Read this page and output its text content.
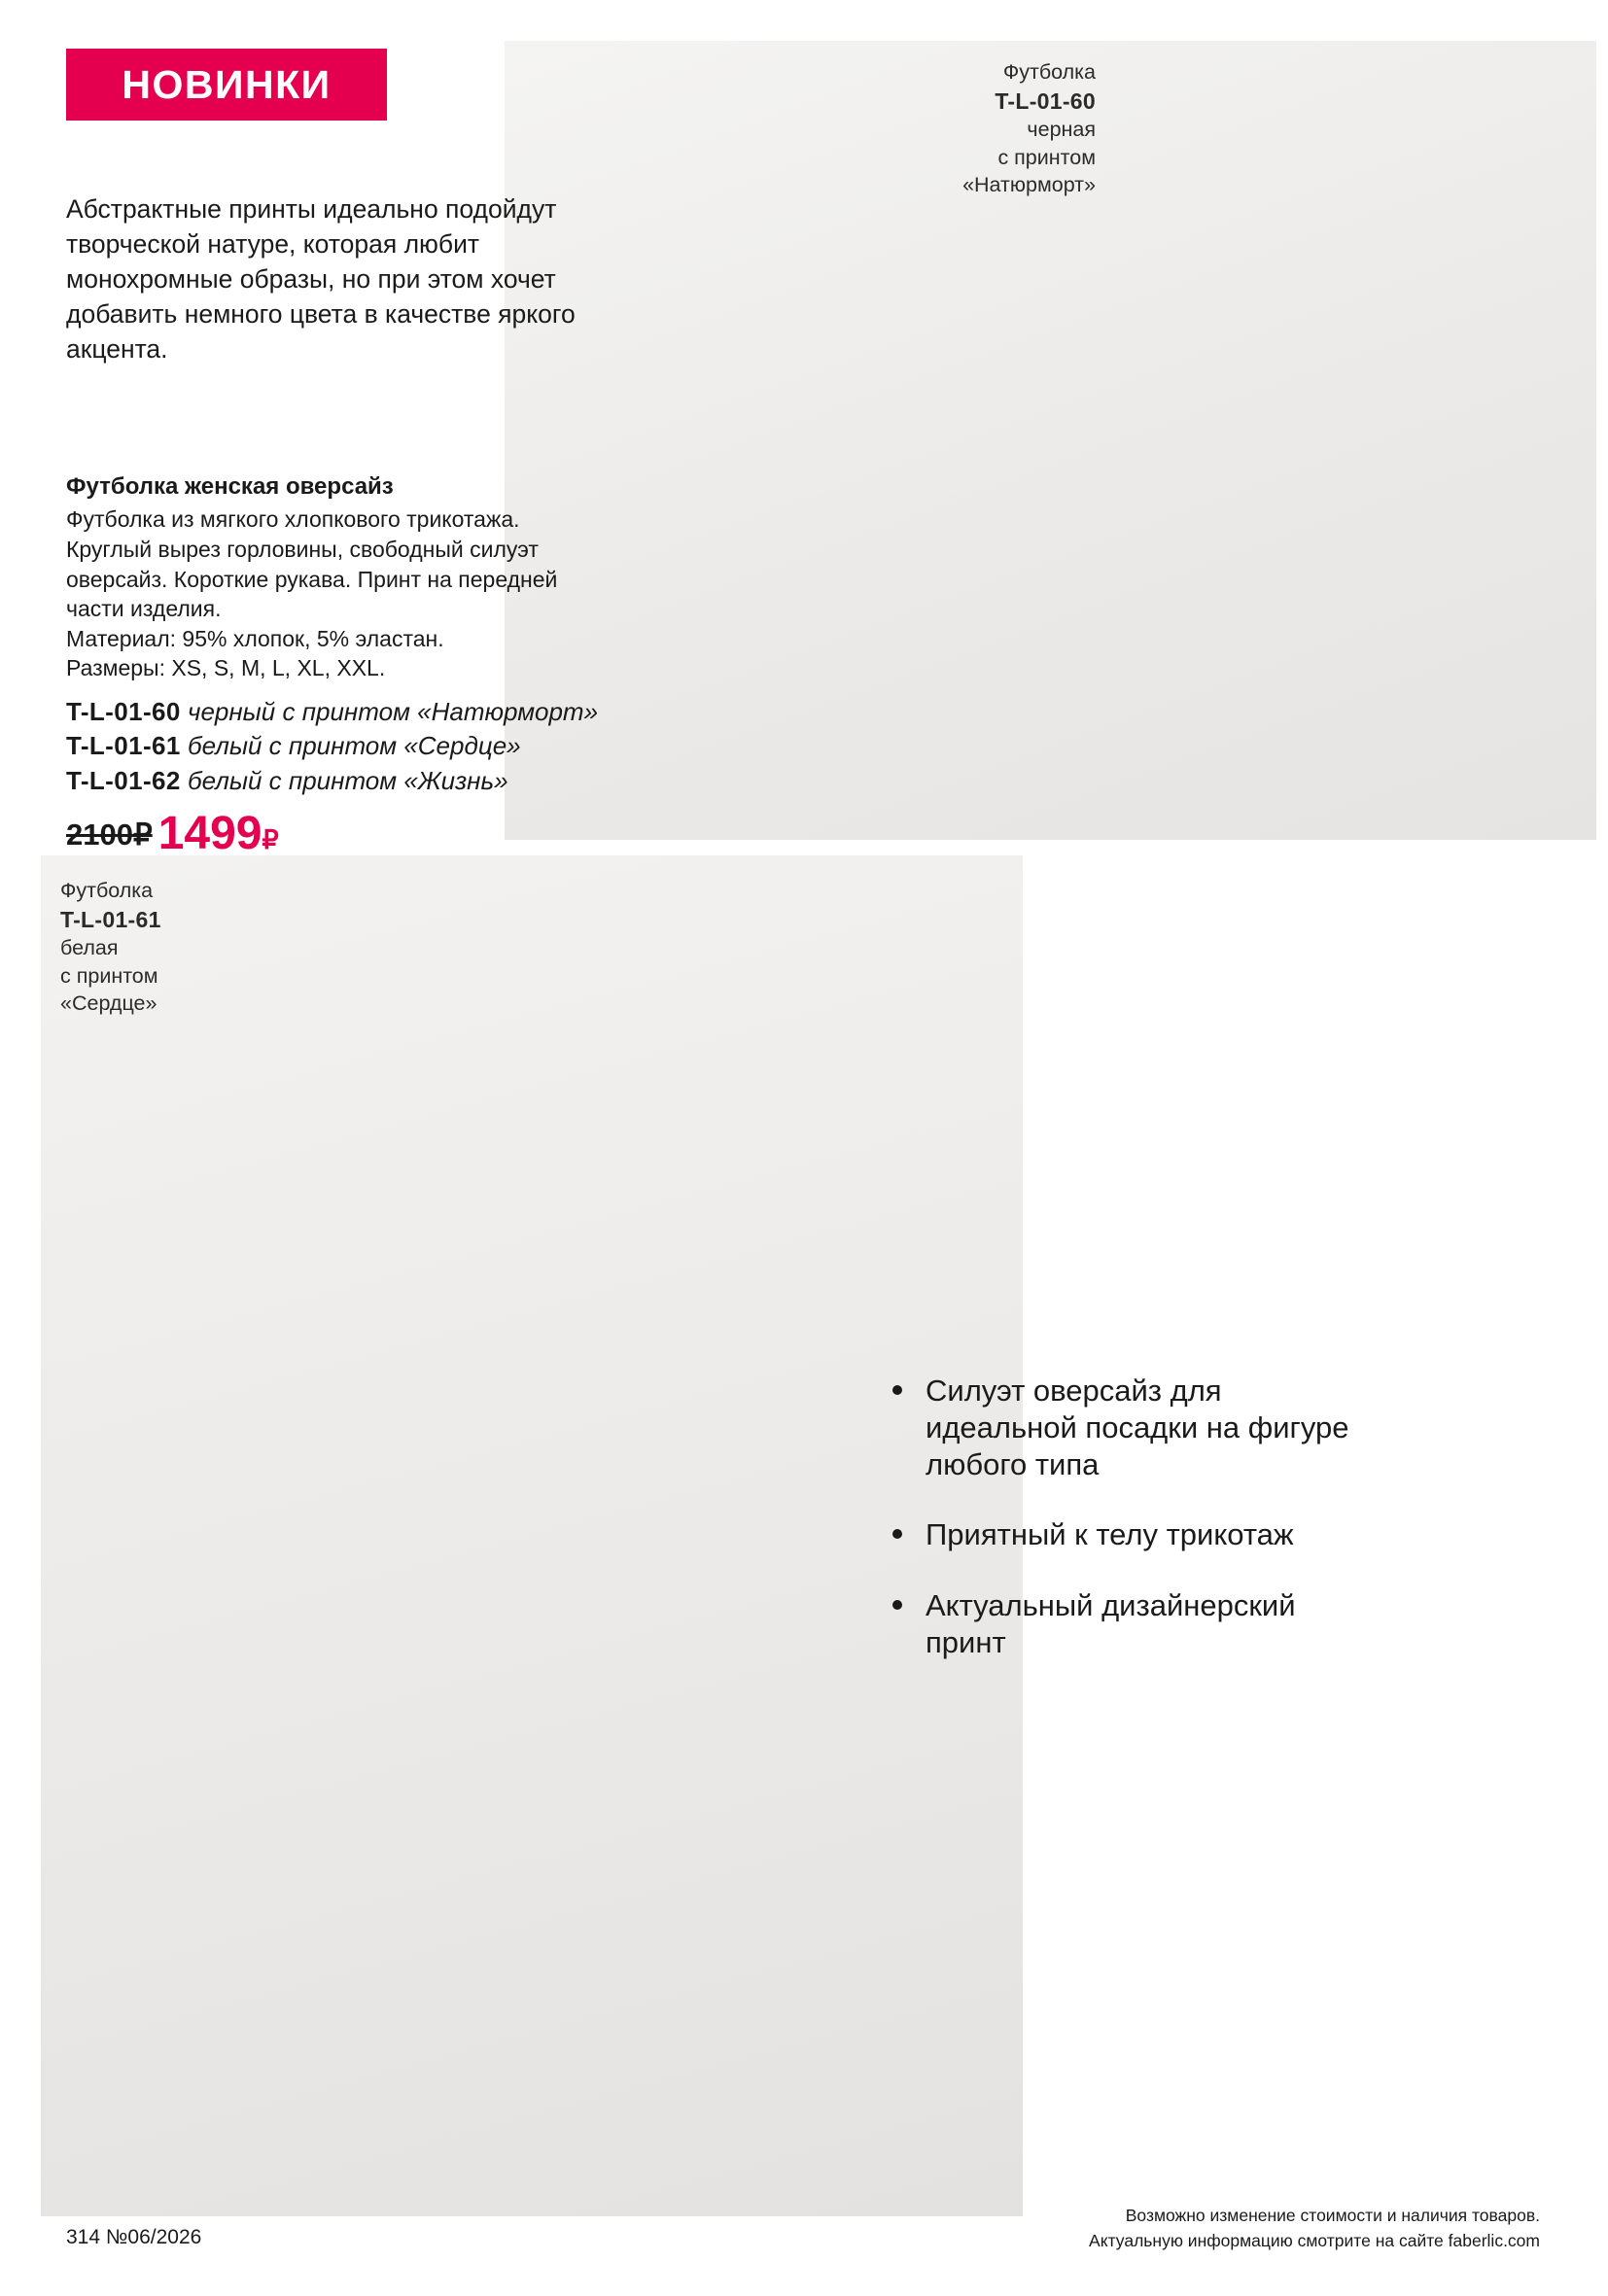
Футболка
T-L-01-60
черная
с принтом
«Натюрморт»
Футболка
T-L-01-61
белая
с принтом
«Сердце»
НОВИНКИ

Абстрактные принты идеально подойдут творческой натуре, которая любит монохромные образы, но при этом хочет добавить немного цвета в качестве яркого акцента.

Футболка женская оверсайз
Футболка из мягкого хлопкового трикотажа.
Круглый вырез горловины, свободный силуэт
оверсайз. Короткие рукава. Принт на передней
части изделия.
Материал: 95% хлопок, 5% эластан.
Размеры: XS, S, M, L, XL, XXL.
T-L-01-60 черный с принтом «Натюрморт»
T-L-01-61 белый с принтом «Сердце»
T-L-01-62 белый с принтом «Жизнь»
2100₽ 1499₽
Силуэт оверсайз для идеальной посадки на фигуре любого типа
Приятный к телу трикотаж
Актуальный дизайнерский принт
314 №06/2026
Возможно изменение стоимости и наличия товаров.
Актуальную информацию смотрите на сайте faberlic.com
